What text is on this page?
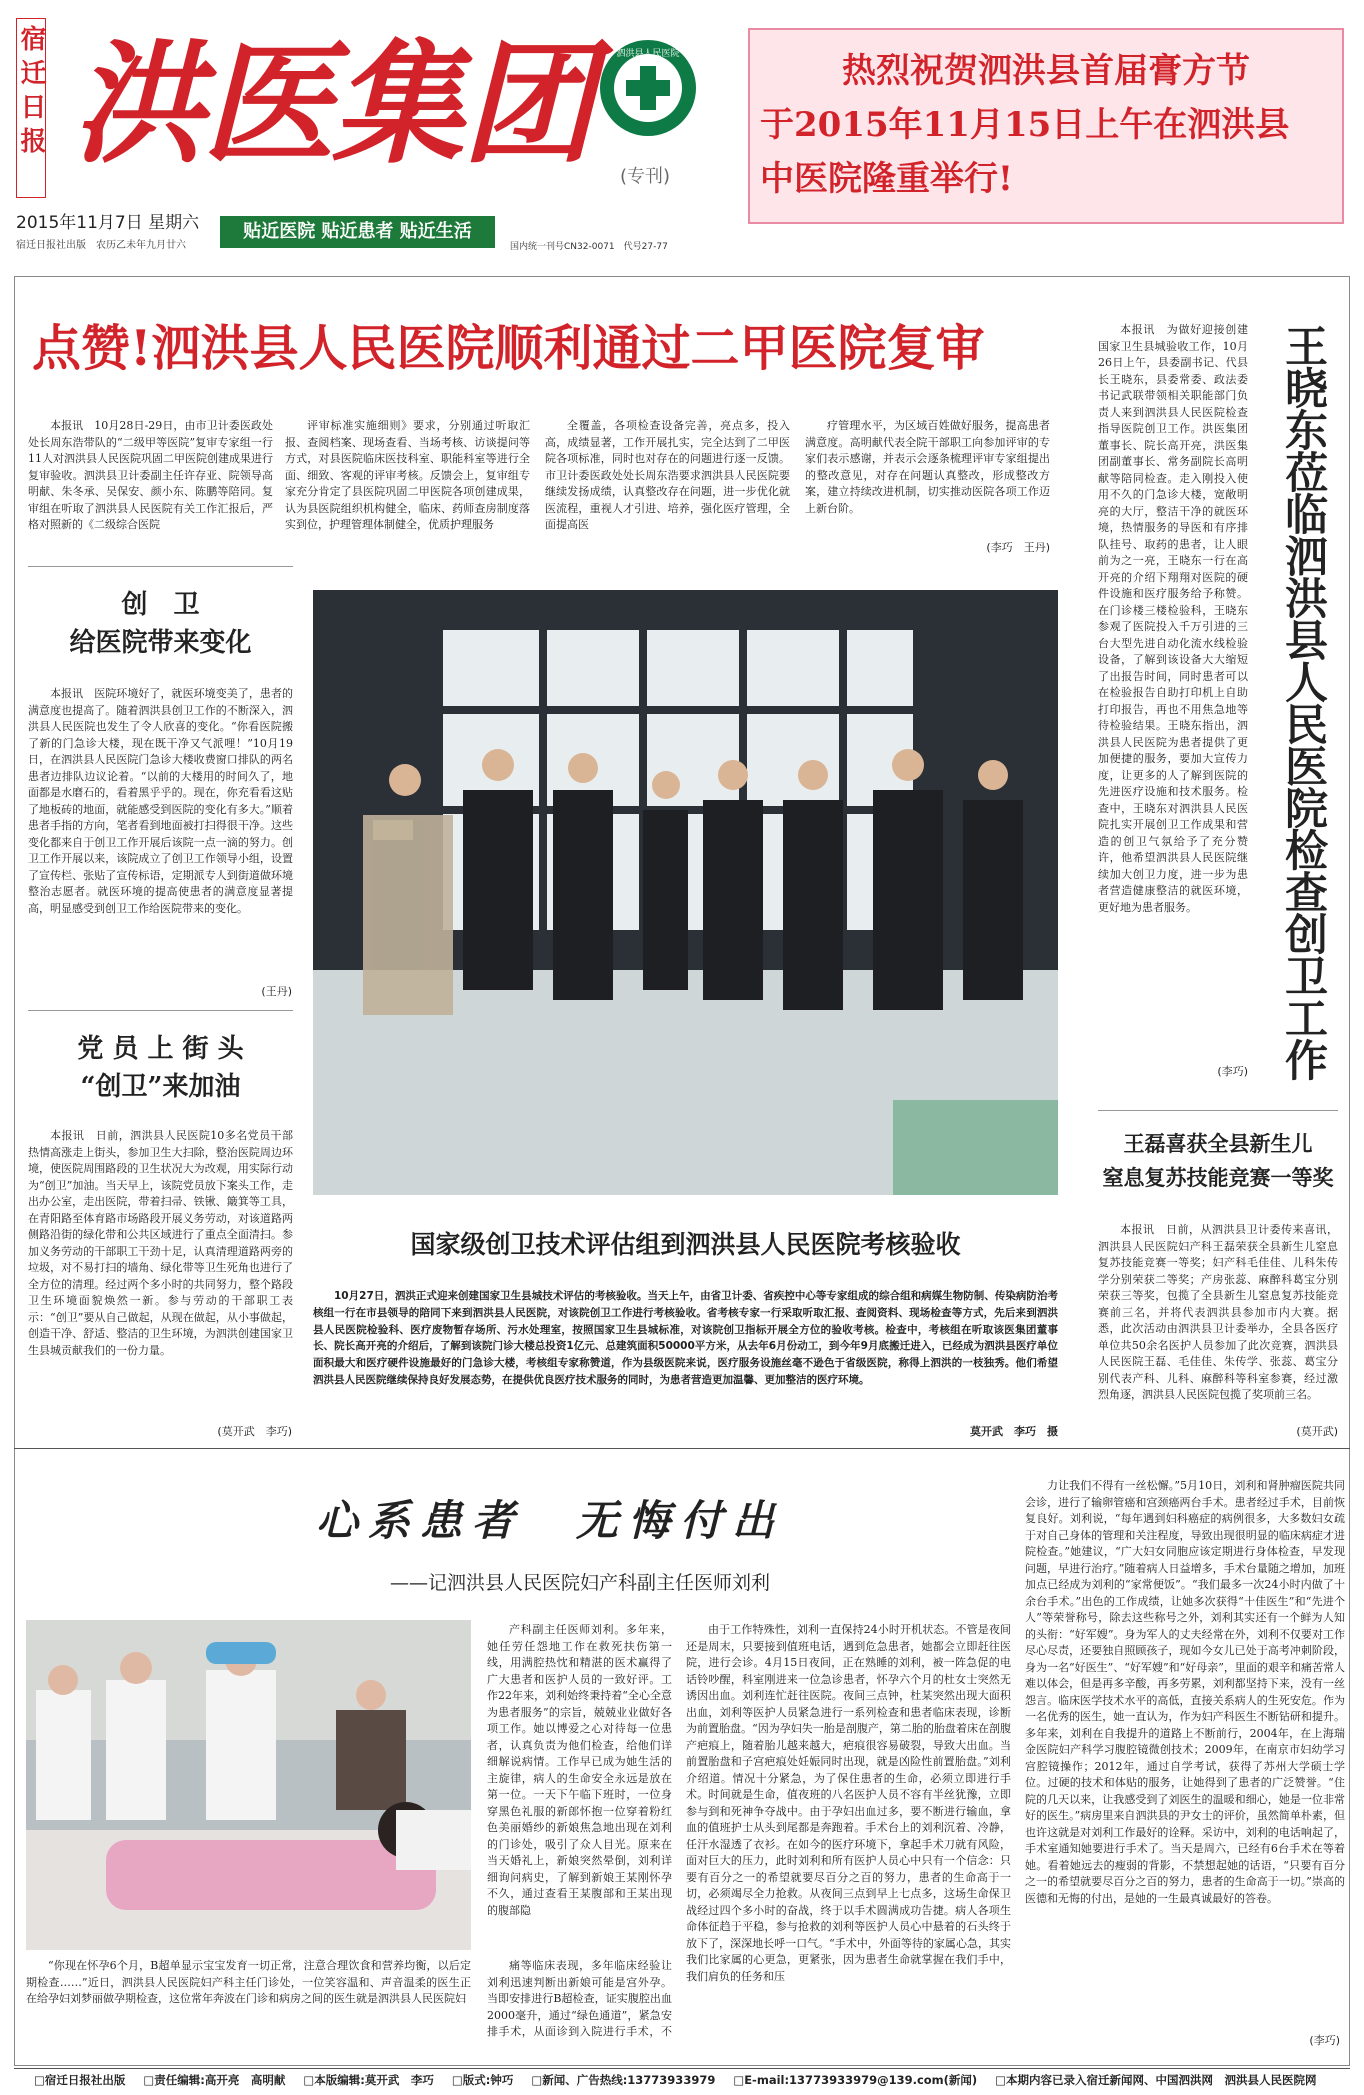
宿迁日报 洪医集团	泗洪县人民医院
(专刊)
2015年11月7日 星期六
宿迁日报社出版　 农历乙未年九月廿六
贴近医院 贴近患者 贴近生活
国内统一刊号CN32-0071　 代号27-77
热烈祝贺泗洪县首届膏方节
于2015年11月15日上午在泗洪县
中医院隆重举行!
点赞!泗洪县人民医院顺利通过二甲医院复审

本报讯　10月28日-29日，由市卫计委医政处处长周东浩带队的“二级甲等医院”复审专家组一行11人对泗洪县人民医院巩固二甲医院创建成果进行复审验收。泗洪县卫计委副主任许存亚、院领导高明献、朱冬承、吴保安、颜小东、陈鹏等陪同。复审组在听取了泗洪县人民医院有关工作汇报后，严格对照新的《二级综合医院

评审标准实施细则》要求，分别通过听取汇报、查阅档案、现场查看、当场考核、访谈提问等方式，对县医院临床医技科室、职能科室等进行全面、细致、客观的评审考核。反馈会上，复审组专家充分肯定了县医院巩固二甲医院各项创建成果，认为县医院组织机构健全，临床、药师查房制度落实到位，护理管理体制健全，优质护理服务

全覆盖，各项检查设备完善，亮点多，投入高，成绩显著，工作开展扎实，完全达到了二甲医院各项标准，同时也对存在的问题进行逐一反馈。市卫计委医政处处长周东浩要求泗洪县人民医院要继续发扬成绩，认真整改存在问题，进一步优化就医流程，重视人才引进、培养，强化医疗管理，全面提高医

疗管理水平，为区域百姓做好服务，提高患者满意度。高明献代表全院干部职工向参加评审的专家们表示感谢，并表示会逐条梳理评审专家组提出的整改意见，对存在问题认真整改，形成整改方案，建立持续改进机制，切实推动医院各项工作迈上新台阶。

(李巧　王丹)
创　卫
给医院带来变化

本报讯　医院环境好了，就医环境变美了，患者的满意度也提高了。随着泗洪县创卫工作的不断深入，泗洪县人民医院也发生了令人欣喜的变化。“你看医院搬了新的门急诊大楼，现在既干净又气派哩！”10月19日，在泗洪县人民医院门急诊大楼收费窗口排队的两名患者边排队边议论着。“以前的大楼用的时间久了，地面都是水磨石的，看着黑乎乎的。现在，你充看看这贴了地板砖的地面，就能感受到医院的变化有多大。”顺着患者手指的方向，笔者看到地面被打扫得很干净。这些变化都来自于创卫工作开展后该院一点一滴的努力。创卫工作开展以来，该院成立了创卫工作领导小组，设置了宣传栏、张贴了宣传标语，定期派专人到街道做环境整治志愿者。就医环境的提高使患者的满意度显著提高，明显感受到创卫工作给医院带来的变化。

(王丹)
党 员 上 街 头
“创卫”来加油

本报讯　日前，泗洪县人民医院10多名党员干部热情高涨走上街头，参加卫生大扫除，整治医院周边环境，使医院周围路段的卫生状况大为改观，用实际行动为“创卫”加油。当天早上，该院党员放下案头工作，走出办公室，走出医院，带着扫帚、铁锹、簸箕等工具，在青阳路至体育路市场路段开展义务劳动，对该道路两侧路沿街的绿化带和公共区域进行了重点全面清扫。参加义务劳动的干部职工干劲十足，认真清理道路两旁的垃圾，对不易打扫的墙角、绿化带等卫生死角也进行了全方位的清理。经过两个多小时的共同努力，整个路段卫生环境面貌焕然一新。参与劳动的干部职工表示：“创卫”要从自己做起，从现在做起，从小事做起，创造干净、舒适、整洁的卫生环境，为泗洪创建国家卫生县城贡献我们的一份力量。

(莫开武　李巧)
国家级创卫技术评估组到泗洪县人民医院考核验收

10月27日，泗洪正式迎来创建国家卫生县城技术评估的考核验收。当天上午，由省卫计委、省疾控中心等专家组成的综合组和病媒生物防制、传染病防治考核组一行在市县领导的陪同下来到泗洪县人民医院，对该院创卫工作进行考核验收。省考核专家一行采取听取汇报、查阅资料、现场检查等方式，先后来到泗洪县人民医院检验科、医疗废物暂存场所、污水处理室，按照国家卫生县城标准，对该院创卫指标开展全方位的验收考核。检查中，考核组在听取该医集团董事长、院长高开亮的介绍后，了解到该院门诊大楼总投资1亿元、总建筑面积50000平方米，从去年6月份动工，到今年9月底搬迁进入，已经成为泗洪县医疗单位面积最大和医疗硬件设施最好的门急诊大楼，考核组专家称赞道，作为县级医院来说，医疗服务设施丝毫不逊色于省级医院，称得上泗洪的一枝独秀。他们希望泗洪县人民医院继续保持良好发展态势，在提供优良医疗技术服务的同时，为患者营造更加温馨、更加整洁的医疗环境。

莫开武　李巧　摄

本报讯　为做好迎接创建国家卫生县城验收工作，10月26日上午，县委副书记、代县长王晓东，县委常委、政法委书记武联带领相关职能部门负责人来到泗洪县人民医院检查指导医院创卫工作。洪医集团董事长、院长高开亮，洪医集团副董事长、常务副院长高明献等陪同检查。走入刚投入使用不久的门急诊大楼，宽敞明亮的大厅，整洁干净的就医环境，热情服务的导医和有序排队挂号、取药的患者，让人眼前为之一亮，王晓东一行在高开亮的介绍下翔翔对医院的硬件设施和医疗服务给予称赞。在门诊楼三楼检验科，王晓东参观了医院投入千万引进的三台大型先进自动化流水线检验设备，了解到该设备大大缩短了出报告时间，同时患者可以在检验报告自助打印机上自助打印报告，再也不用焦急地等待检验结果。王晓东指出，泗洪县人民医院为患者提供了更加便捷的服务，要加大宣传力度，让更多的人了解到医院的先进医疗设施和技术服务。检查中，王晓东对泗洪县人民医院扎实开展创卫工作成果和营造的创卫气氛给予了充分赞许，他希望泗洪县人民医院继续加大创卫力度，进一步为患者营造健康整洁的就医环境，更好地为患者服务。

(李巧) 王晓东莅临泗洪县人民医院检查创卫工作
王磊喜获全县新生儿
窒息复苏技能竞赛一等奖

本报讯　日前，从泗洪县卫计委传来喜讯，泗洪县人民医院妇产科王磊荣获全县新生儿窒息复苏技能竞赛一等奖；妇产科毛佳佳、儿科朱传学分别荣获二等奖；产房张蕊、麻醉科葛宝分别荣获三等奖，包揽了全县新生儿窒息复苏技能竞赛前三名，并将代表泗洪县参加市内大赛。据悉，此次活动由泗洪县卫计委举办，全县各医疗单位共50余名医护人员参加了此次竞赛，泗洪县人民医院王磊、毛佳佳、朱传学、张蕊、葛宝分别代表产科、儿科、麻醉科等科室参赛，经过激烈角逐，泗洪县人民医院包揽了奖项前三名。

(莫开武)
心系患者　无悔付出
——记泗洪县人民医院妇产科副主任医师刘利

“你现在怀孕6个月，B超单显示宝宝发育一切正常，注意合理饮食和营养均衡，以后定期检查……”近日，泗洪县人民医院妇产科主任门诊处，一位笑容温和、声音温柔的医生正在给孕妇刘梦丽做孕期检查，这位常年奔波在门诊和病房之间的医生就是泗洪县人民医院妇

产科副主任医师刘利。多年来，她任劳任怨地工作在救死扶伤第一线，用满腔热忱和精湛的医术赢得了广大患者和医护人员的一致好评。工作22年来，刘利始终秉持着“全心全意为患者服务”的宗旨，兢兢业业做好各项工作。她以博爱之心对待每一位患者，认真负责为他们检查，给他们详细解说病情。工作早已成为她生活的主旋律，病人的生命安全永远是放在第一位。一天下午临下班时，一位身穿黑色礼服的新郎怀抱一位穿着粉红色美丽婚纱的新娘焦急地出现在刘利的门诊处，吸引了众人目光。原来在当天婚礼上，新娘突然晕倒，刘利详细询问病史，了解到新娘王某刚怀孕不久，通过查看王某腹部和王某出现的腹部隐

痛等临床表现，多年临床经验让刘利迅速判断出新娘可能是宫外孕。当即安排进行B超检查，证实腹腔出血2000毫升，通过“绿色通道”，紧急安排手术，从面诊到入院进行手术，不

由于工作特殊性，刘利一直保持24小时开机状态。不管是夜间还是周末，只要接到值班电话，遇到危急患者，她都会立即赶往医院，进行会诊。4月15日夜间，正在熟睡的刘利，被一阵急促的电话铃吵醒，科室刚进来一位急诊患者，怀孕六个月的杜女士突然无诱因出血。刘利连忙赶往医院。夜间三点钟，杜某突然出现大面积出血，刘利等医护人员紧急进行一系列检查和患者临床表现，诊断为前置胎盘。“因为孕妇失一胎是剖腹产，第二胎的胎盘着床在剖腹产疤痕上，随着胎儿越来越大，疤痕很容易破裂，导致大出血。当前置胎盘和子宫疤痕处妊娠同时出现，就是凶险性前置胎盘。”刘利介绍道。情况十分紧急，为了保住患者的生命，必须立即进行手术。时间就是生命，值夜班的八名医护人员不容有半丝犹豫，立即参与到和死神争夺战中。由于孕妇出血过多，要不断进行输血，拿血的值班护士从头到尾都是奔跑着。手术台上的刘利沉着、冷静，任汗水湿透了衣衫。在如今的医疗环境下，拿起手术刀就有风险，面对巨大的压力，此时刘利和所有医护人员心中只有一个信念：只要有百分之一的希望就要尽百分之百的努力，患者的生命高于一切，必须竭尽全力抢救。从夜间三点到早上七点多，这场生命保卫战经过四个多小时的奋战，终于以手术圆满成功告捷。病人各项生命体征趋于平稳，参与抢救的刘利等医护人员心中悬着的石头终于放下了，深深地长呼一口气。“手术中，外面等待的家属心急，其实我们比家属的心更急，更紧张，因为患者生命就掌握在我们手中，我们肩负的任务和压

力让我们不得有一丝松懈。”5月10日，刘利和肾肿瘤医院共同会诊，进行了输卵管癌和宫颈癌两台手术。患者经过手术，目前恢复良好。刘利说，“每年遇到妇科癌症的病例很多，大多数妇女疏于对自己身体的管理和关注程度，导致出现很明显的临床病症才进院检查。”她建议，“广大妇女同胞应该定期进行身体检查，早发现问题，早进行治疗。”随着病人日益增多，手术台量随之增加，加班加点已经成为刘利的“家常便饭”。“我们最多一次24小时内做了十余台手术。”出色的工作成绩，让她多次获得“十佳医生”和“先进个人”等荣誉称号，除去这些称号之外，刘利其实还有一个鲜为人知的头衔：“好军嫂”。身为军人的丈夫经常在外，刘利不仅要对工作尽心尽责，还要独自照顾孩子，现如今女儿已处于高考冲刺阶段，身为一名“好医生”、“好军嫂”和“好母亲”，里面的艰辛和痛苦常人难以体会，但是再多辛酸，再多劳累，刘利都坚持下来，没有一丝怨言。临床医学技术水平的高低，直接关系病人的生死安危。作为一名优秀的医生，她一直认为，作为妇产科医生不断钻研和提升。多年来，刘利在自我提升的道路上不断前行，2004年，在上海瑞金医院妇产科学习腹腔镜微创技术；2009年，在南京市妇幼学习宫腔镜操作；2012年，通过自学考试，获得了苏州大学硕士学位。过硬的技术和体贴的服务，让她得到了患者的广泛赞誉。“住院的几天以来，让我感受到了刘医生的温暖和细心，她是一位非常好的医生。”病房里来自泗洪县的尹女士的评价，虽然简单朴素，但也许这就是对刘利工作最好的诠释。采访中，刘利的电话响起了，手术室通知她要进行手术了。当天是周六，已经有6台手术在等着她。看着她远去的瘦弱的背影，不禁想起她的话语，“只要有百分之一的希望就要尽百分之百的努力，患者的生命高于一切。”崇高的医德和无悔的付出，是她的一生最真诚最好的答卷。

(李巧)
□宿迁日报社出版 □责任编辑:高开亮　高明献 □本版编辑:莫开武　李巧 □版式:钟巧 □新闻、广告热线:13773933979 □E-mail:13773933979@139.com(新闻) □本期内容已录入宿迁新闻网、中国泗洪网　泗洪县人民医院网
